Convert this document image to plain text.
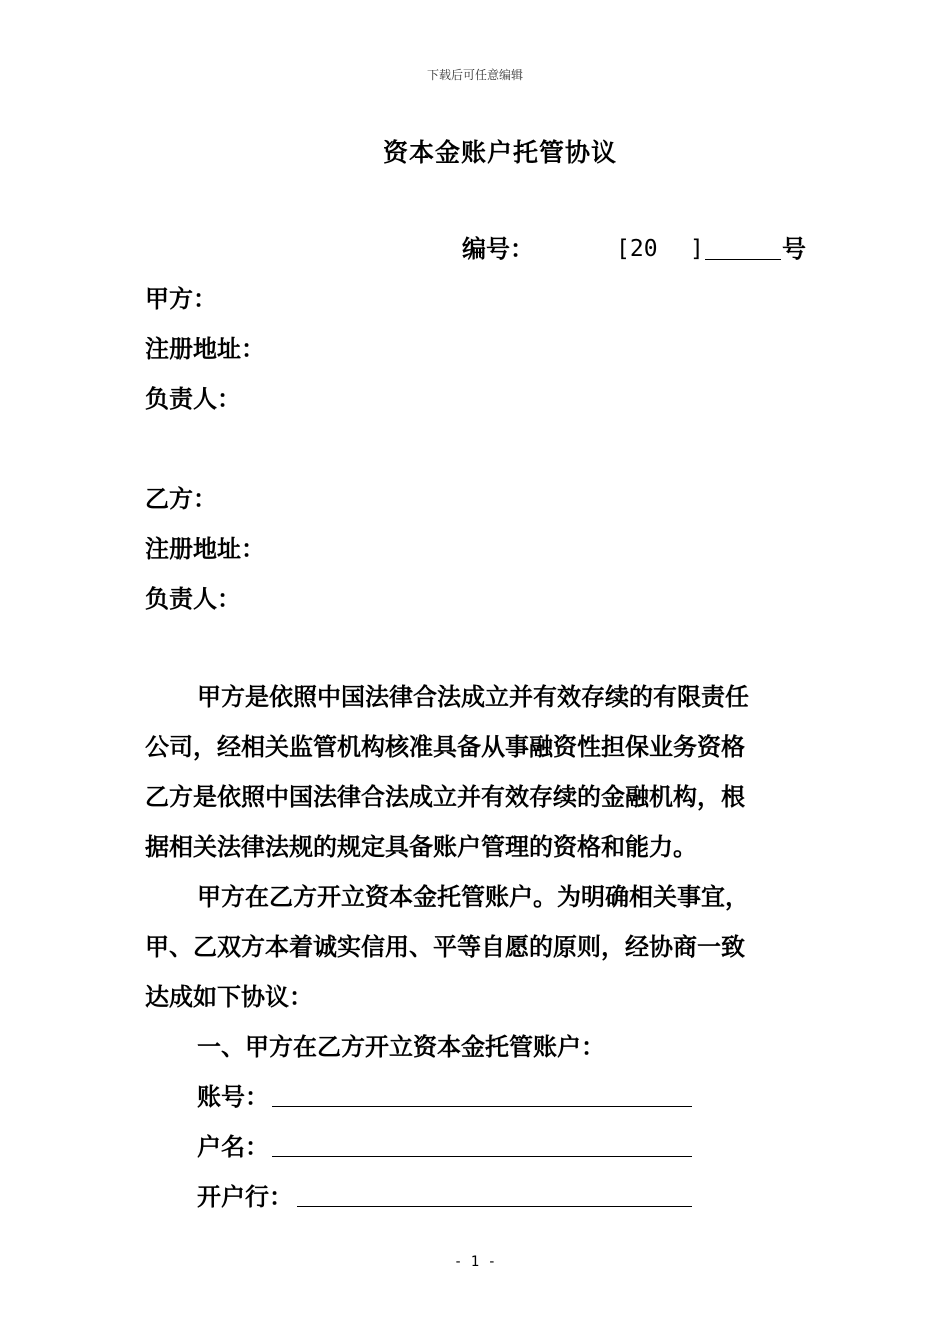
下载后可任意编辑
资本金账户托管协议
编号：	[20 ]	号
甲方：
注册地址：
负责人：
乙方：
注册地址：
负责人：
甲方是依照中国法律合法成立并有效存续的有限责任
公司，经相关监管机构核准具备从事融资性担保业务资格
乙方是依照中国法律合法成立并有效存续的金融机构，根
据相关法律法规的规定具备账户管理的资格和能力。
甲方在乙方开立资本金托管账户。为明确相关事宜，
甲、乙双方本着诚实信用、平等自愿的原则，经协商一致
达成如下协议：
一、甲方在乙方开立资本金托管账户：
账号：
户名：
开户行：
- 1 -
